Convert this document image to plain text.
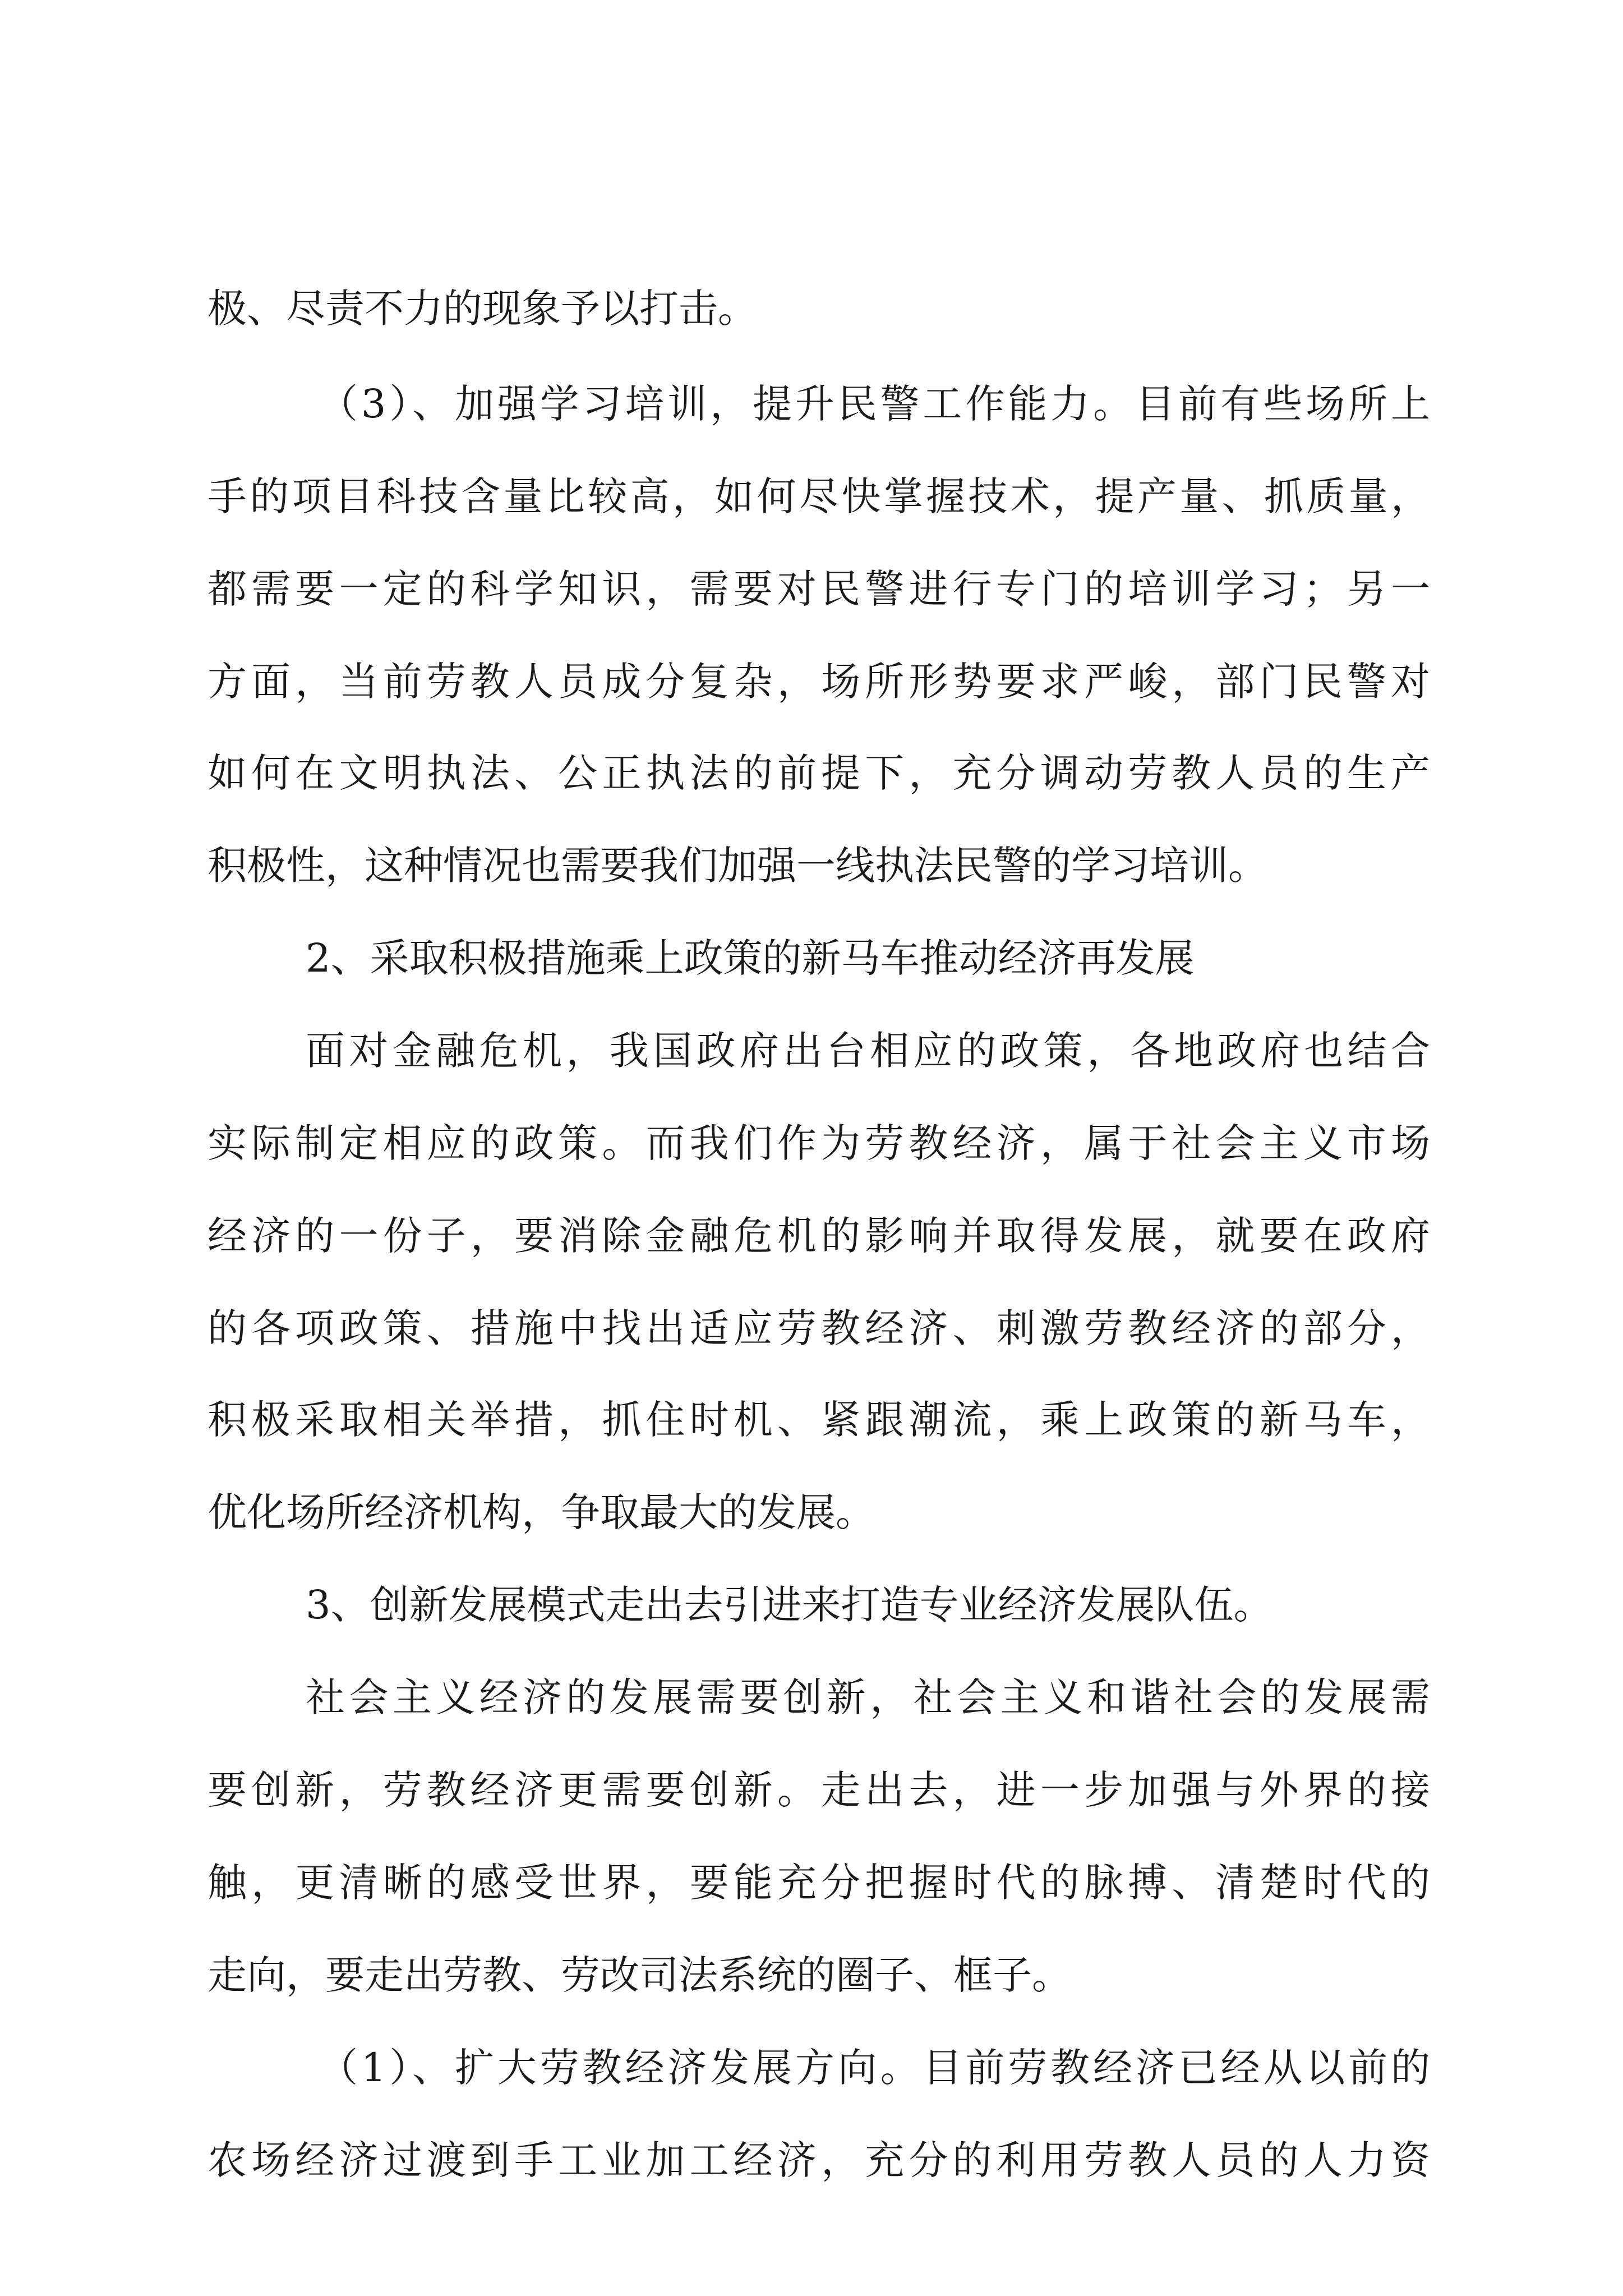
极、尽责不力的现象予以打击。
（3）、加强学习培训，提升民警工作能力。目前有些场所上
手的项目科技含量比较高，如何尽快掌握技术，提产量、抓质量，
都需要一定的科学知识，需要对民警进行专门的培训学习；另一
方面，当前劳教人员成分复杂，场所形势要求严峻，部门民警对
如何在文明执法、公正执法的前提下，充分调动劳教人员的生产
积极性，这种情况也需要我们加强一线执法民警的学习培训。
2、采取积极措施乘上政策的新马车推动经济再发展
面对金融危机，我国政府出台相应的政策，各地政府也结合
实际制定相应的政策。而我们作为劳教经济，属于社会主义市场
经济的一份子，要消除金融危机的影响并取得发展，就要在政府
的各项政策、措施中找出适应劳教经济、刺激劳教经济的部分，
积极采取相关举措，抓住时机、紧跟潮流，乘上政策的新马车，
优化场所经济机构，争取最大的发展。
3、创新发展模式走出去引进来打造专业经济发展队伍。
社会主义经济的发展需要创新，社会主义和谐社会的发展需
要创新，劳教经济更需要创新。走出去，进一步加强与外界的接
触，更清晰的感受世界，要能充分把握时代的脉搏、清楚时代的
走向，要走出劳教、劳改司法系统的圈子、框子。
（1）、扩大劳教经济发展方向。目前劳教经济已经从以前的
农场经济过渡到手工业加工经济，充分的利用劳教人员的人力资
